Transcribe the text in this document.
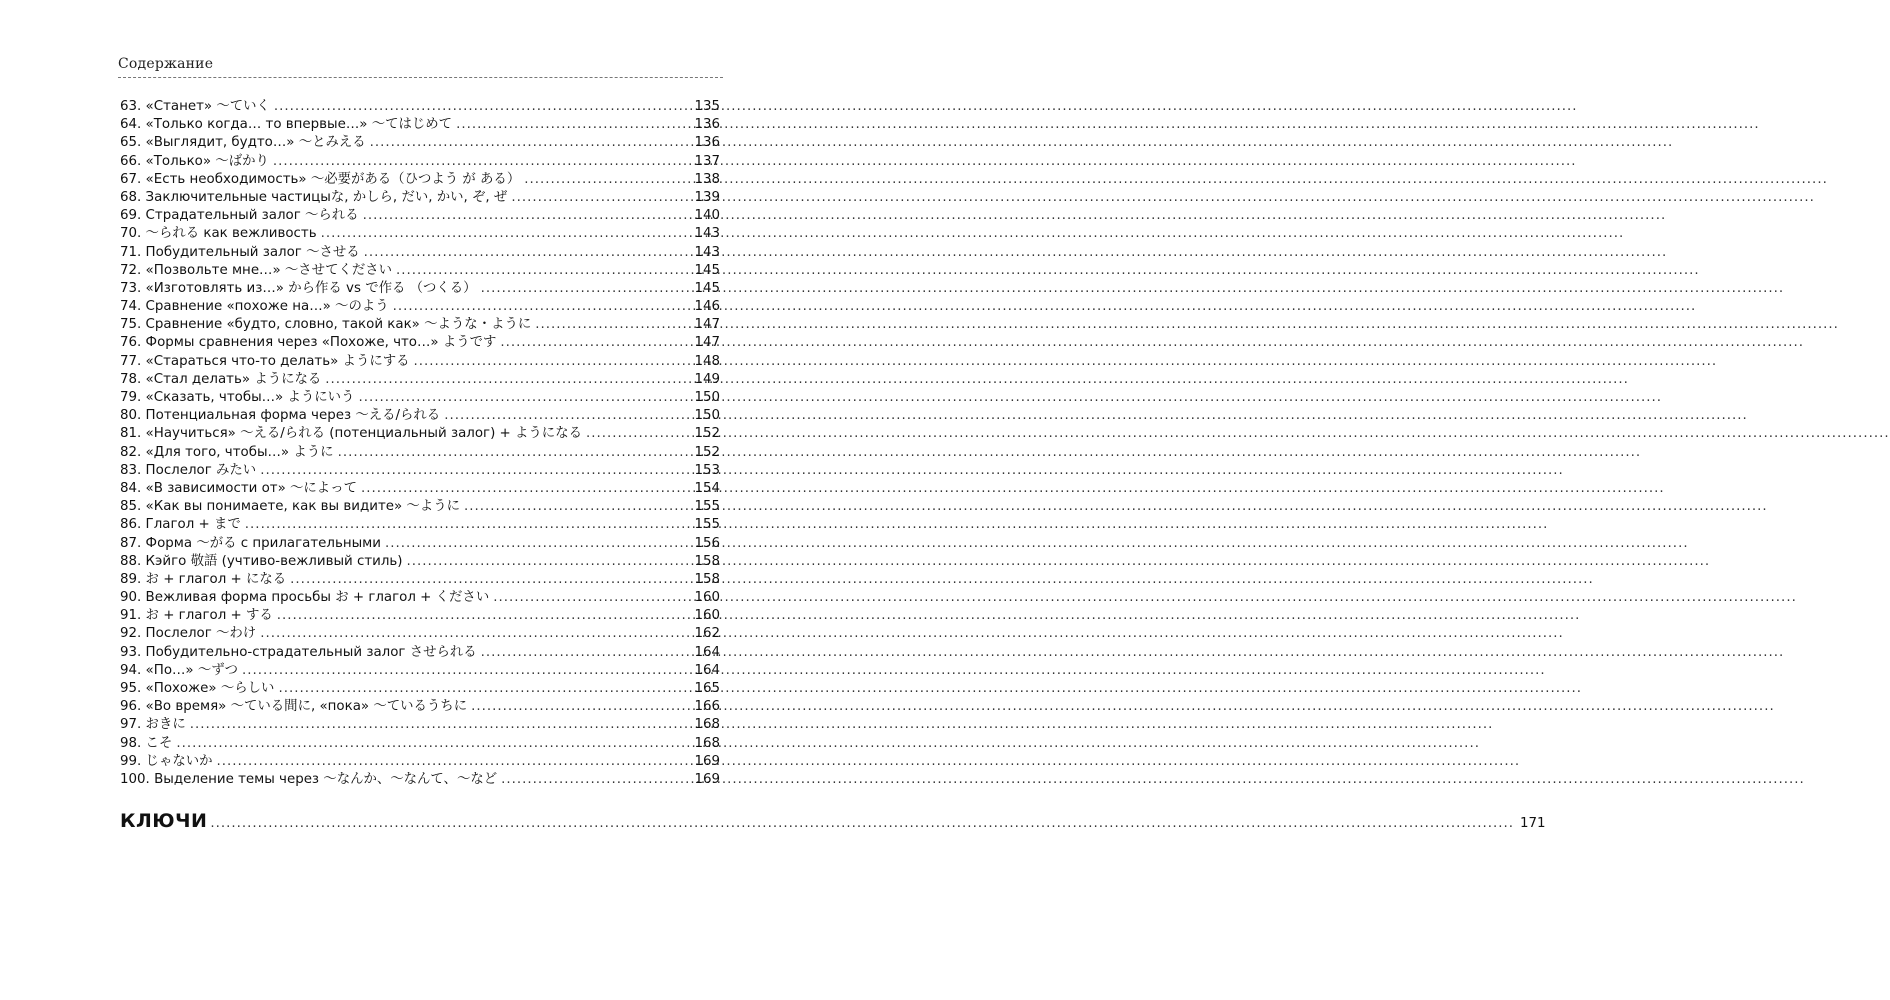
Содержание
63. «Станет» ～ていく .....	135
64. «Только когда… то впервые…» ～てはじめて .....	136
65. «Выглядит, будто…» ～とみえる .....	136
66. «Только» ～ばかり .....	137
67. «Есть необходимость» ～必要がある（ひつよう が ある） .....	138
68. Заключительные частицыな, かしら, だい, かい, ぞ, ぜ .....	139
69. Страдательный залог ～られる .....	140
70. ～られる как вежливость .....	143
71. Побудительный залог ～させる .....	143
72. «Позвольте мне…» ～させてください .....	145
73. «Изготовлять из…» から作る vs で作る （つくる） .....	145
74. Сравнение «похоже на…» ～のよう .....	146
75. Сравнение «будто, словно, такой как» ～ような・ように .....	147
76. Формы сравнения через «Похоже, что…» ようです .....	147
77. «Стараться что-то делать» ようにする .....	148
78. «Стал делать» ようになる .....	149
79. «Сказать, чтобы…» ようにいう .....	150
80. Потенциальная форма через ～える/られる .....	150
81. «Научиться» ～える/られる (потенциальный залог) + ようになる .....	152
82. «Для того, чтобы…» ように .....	152
83. Послелог みたい .....	153
84. «В зависимости от» ～によって .....	154
85. «Как вы понимаете, как вы видите» ～ように .....	155
86. Глагол + まで .....	155
87. Форма ～がる с прилагательными .....	156
88. Кэйго 敬語 (учтиво-вежливый стиль) .....	158
89. お + глагол + になる .....	158
90. Вежливая форма просьбы お + глагол + ください .....	160
91. お + глагол + する .....	160
92. Послелог ～わけ .....	162
93. Побудительно-страдательный залог させられる .....	164
94. «По…» ～ずつ .....	164
95. «Похоже» ～らしい .....	165
96. «Во время» ～ている間に, «пока» ～ているうちに .....	166
97. おきに .....	168
98. こそ .....	168
99. じゃないか .....	169
100. Выделение темы через ～なんか、～なんて、～など .....	169
КЛЮЧИ .....	171
